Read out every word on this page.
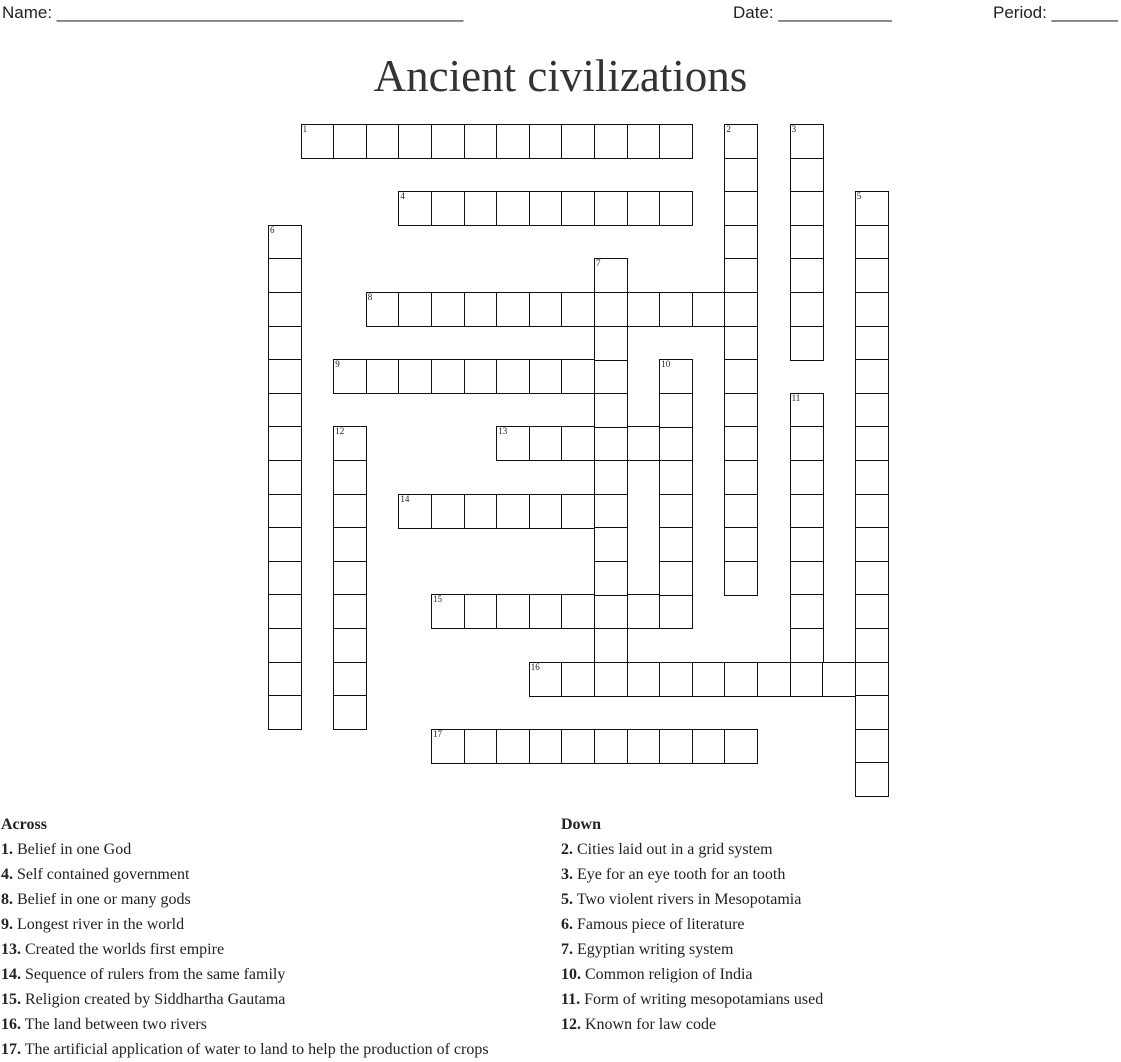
Name: ___________________________________________	Date: ____________	Period: _______
Ancient civilizations
1
4
8
9
13
14
15
16
17
2	3
5
6
7
10
11
12
Across
1. Belief in one God
4. Self contained government
8. Belief in one or many gods
9. Longest river in the world
13. Created the worlds first empire
14. Sequence of rulers from the same family
15. Religion created by Siddhartha Gautama
16. The land between two rivers
17. The artificial application of water to land to help the production of crops
Down
2. Cities laid out in a grid system
3. Eye for an eye tooth for an tooth
5. Two violent rivers in Mesopotamia
6. Famous piece of literature
7. Egyptian writing system
10. Common religion of India
11. Form of writing mesopotamians used
12. Known for law code
